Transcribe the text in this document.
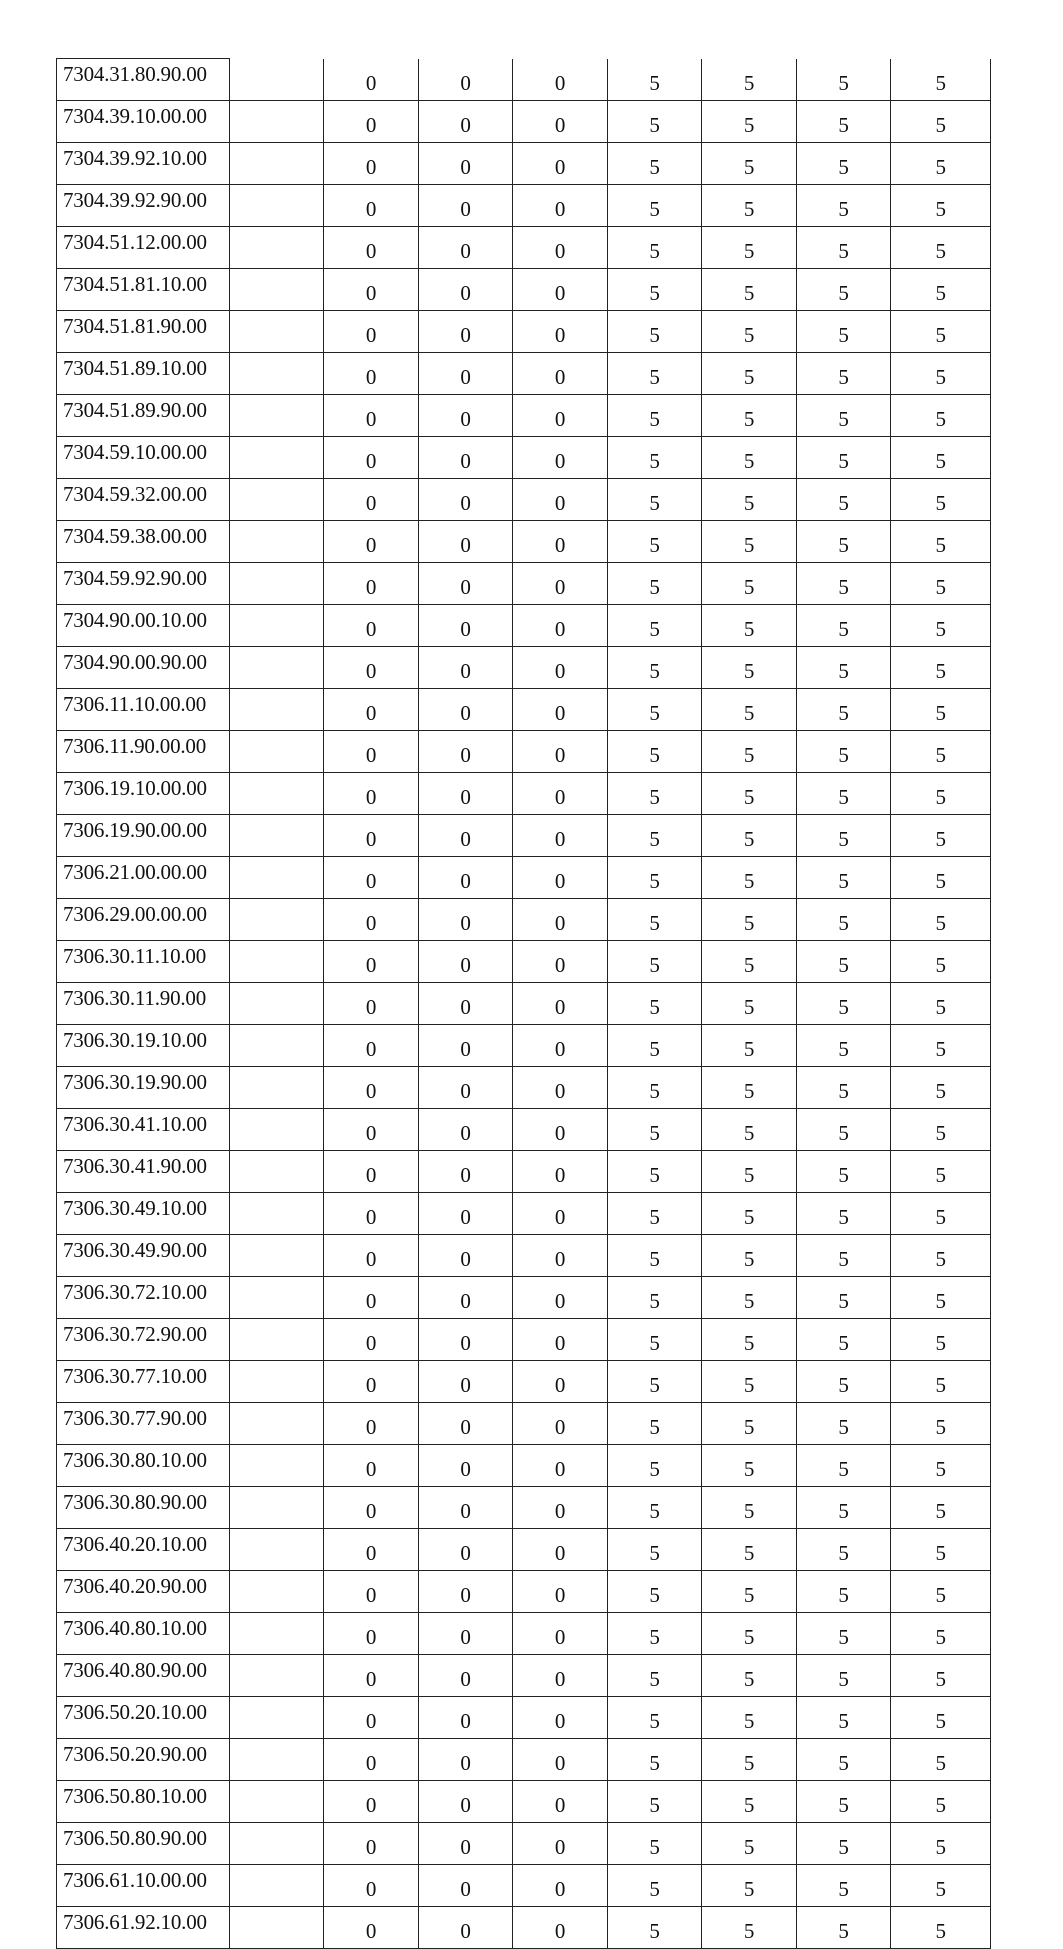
7304.31.80.90.00		0	0	0	5	5	5	5
7304.39.10.00.00		0	0	0	5	5	5	5
7304.39.92.10.00		0	0	0	5	5	5	5
7304.39.92.90.00		0	0	0	5	5	5	5
7304.51.12.00.00		0	0	0	5	5	5	5
7304.51.81.10.00		0	0	0	5	5	5	5
7304.51.81.90.00		0	0	0	5	5	5	5
7304.51.89.10.00		0	0	0	5	5	5	5
7304.51.89.90.00		0	0	0	5	5	5	5
7304.59.10.00.00		0	0	0	5	5	5	5
7304.59.32.00.00		0	0	0	5	5	5	5
7304.59.38.00.00		0	0	0	5	5	5	5
7304.59.92.90.00		0	0	0	5	5	5	5
7304.90.00.10.00		0	0	0	5	5	5	5
7304.90.00.90.00		0	0	0	5	5	5	5
7306.11.10.00.00		0	0	0	5	5	5	5
7306.11.90.00.00		0	0	0	5	5	5	5
7306.19.10.00.00		0	0	0	5	5	5	5
7306.19.90.00.00		0	0	0	5	5	5	5
7306.21.00.00.00		0	0	0	5	5	5	5
7306.29.00.00.00		0	0	0	5	5	5	5
7306.30.11.10.00		0	0	0	5	5	5	5
7306.30.11.90.00		0	0	0	5	5	5	5
7306.30.19.10.00		0	0	0	5	5	5	5
7306.30.19.90.00		0	0	0	5	5	5	5
7306.30.41.10.00		0	0	0	5	5	5	5
7306.30.41.90.00		0	0	0	5	5	5	5
7306.30.49.10.00		0	0	0	5	5	5	5
7306.30.49.90.00		0	0	0	5	5	5	5
7306.30.72.10.00		0	0	0	5	5	5	5
7306.30.72.90.00		0	0	0	5	5	5	5
7306.30.77.10.00		0	0	0	5	5	5	5
7306.30.77.90.00		0	0	0	5	5	5	5
7306.30.80.10.00		0	0	0	5	5	5	5
7306.30.80.90.00		0	0	0	5	5	5	5
7306.40.20.10.00		0	0	0	5	5	5	5
7306.40.20.90.00		0	0	0	5	5	5	5
7306.40.80.10.00		0	0	0	5	5	5	5
7306.40.80.90.00		0	0	0	5	5	5	5
7306.50.20.10.00		0	0	0	5	5	5	5
7306.50.20.90.00		0	0	0	5	5	5	5
7306.50.80.10.00		0	0	0	5	5	5	5
7306.50.80.90.00		0	0	0	5	5	5	5
7306.61.10.00.00		0	0	0	5	5	5	5
7306.61.92.10.00		0	0	0	5	5	5	5
